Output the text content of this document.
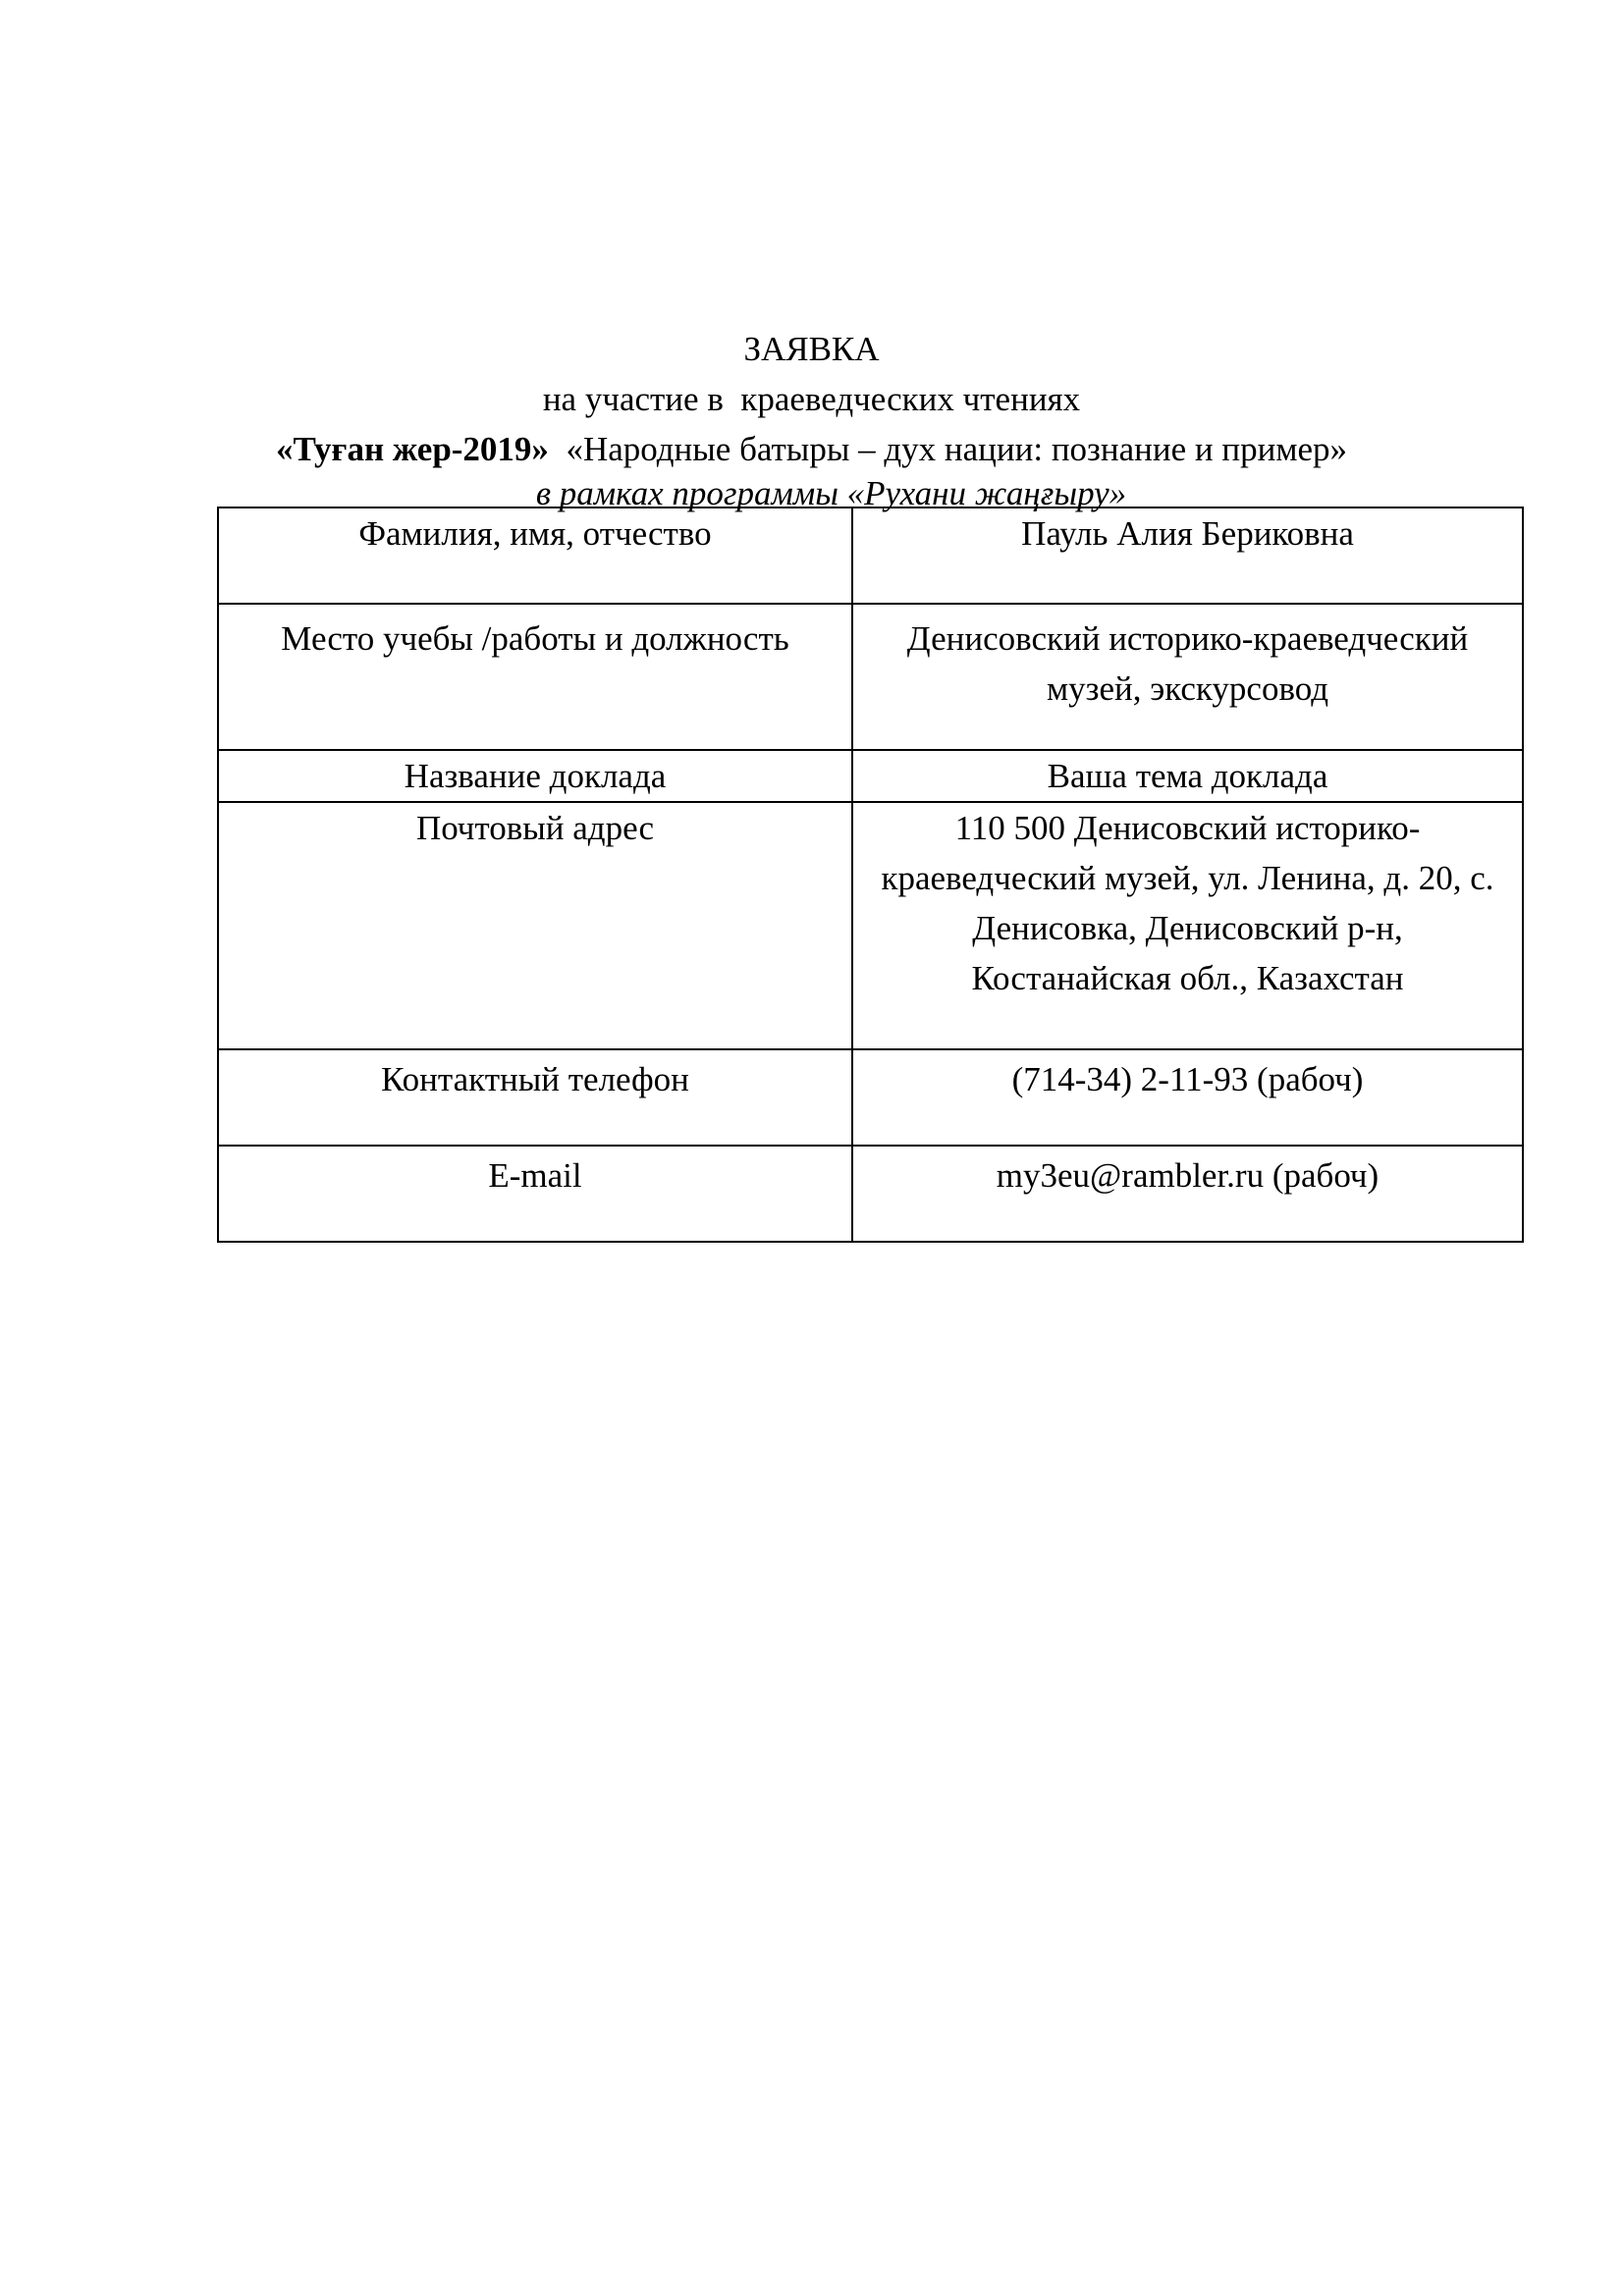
ЗАЯВКА
на участие в  краеведческих чтениях
«Туған жер-2019» «Народные батыры – дух нации: познание и пример»
в рамках программы «Рухани жаңғыру»
Фамилия, имя, отчество	Пауль Алия Бериковна
Место учебы /работы и должность	Денисовский историко-краеведческий музей, экскурсовод
Название доклада	Ваша тема доклада
Почтовый адрес	110 500 Денисовский историко-краеведческий музей, ул. Ленина, д. 20, с. Денисовка, Денисовский р-н, Костанайская обл., Казахстан
Контактный телефон	(714-34) 2-11-93 (рабоч)
E-mail	my3eu@rambler.ru (рабоч)
